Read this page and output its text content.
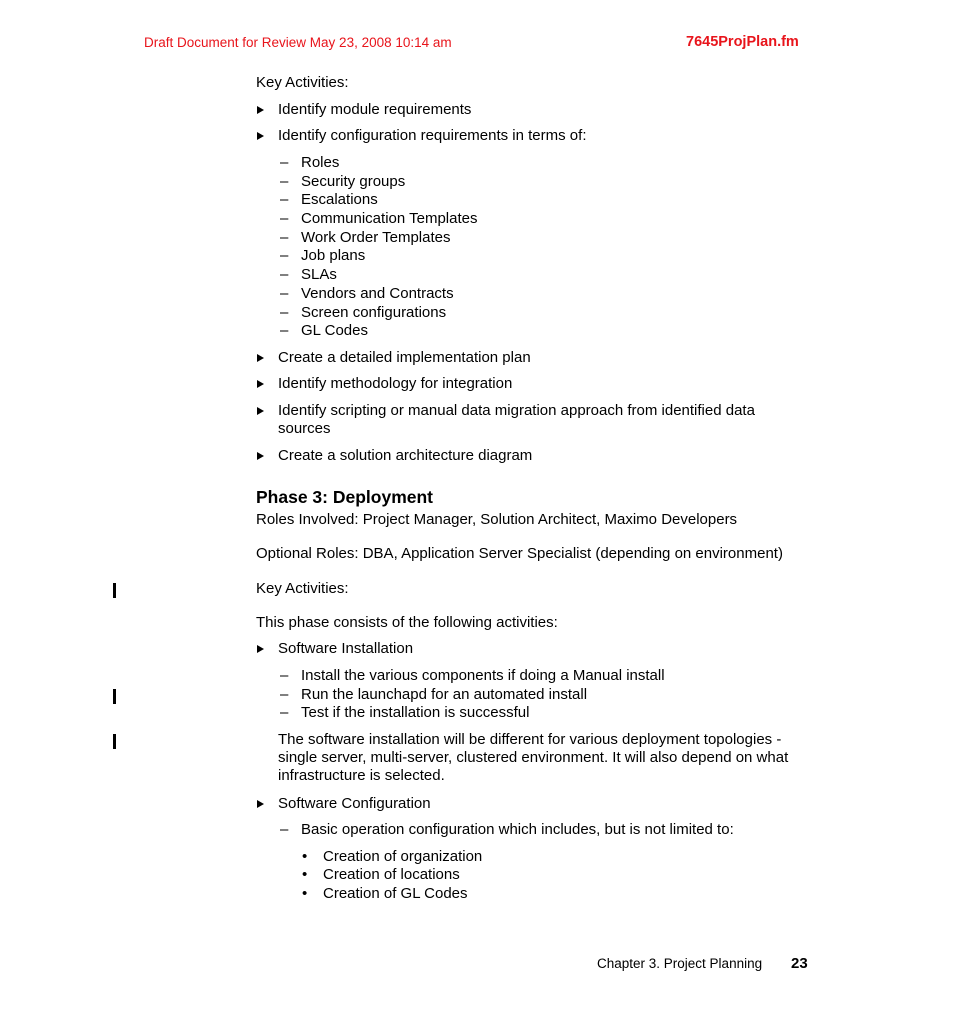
Draft Document for Review May 23, 2008 10:14 am	7645ProjPlan.fm
Key Activities:
Identify module requirements
Identify configuration requirements in terms of:
– Roles
– Security groups
– Escalations
– Communication Templates
– Work Order Templates
– Job plans
– SLAs
– Vendors and Contracts
– Screen configurations
– GL Codes
Create a detailed implementation plan
Identify methodology for integration
Identify scripting or manual data migration approach from identified data sources
Create a solution architecture diagram
Phase 3: Deployment
Roles Involved: Project Manager, Solution Architect, Maximo Developers
Optional Roles: DBA, Application Server Specialist (depending on environment)
Key Activities:
This phase consists of the following activities:
Software Installation
– Install the various components if doing a Manual install
– Run the launchapd for an automated install
– Test if the installation is successful
The software installation will be different for various deployment topologies - single server, multi-server, clustered environment. It will also depend on what infrastructure is selected.
Software Configuration
– Basic operation configuration which includes, but is not limited to:
• Creation of organization
• Creation of locations
• Creation of GL Codes
Chapter 3. Project Planning 23
